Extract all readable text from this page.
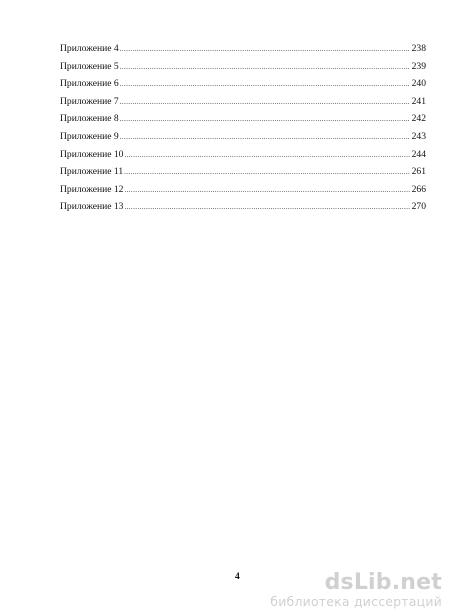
Приложение 4 .....	238
Приложение 5 .....	239
Приложение 6 .....	240
Приложение 7 .....	241
Приложение 8 .....	242
Приложение 9 .....	243
Приложение 10 .....	244
Приложение 11 .....	261
Приложение 12 .....	266
Приложение 13 .....	270
4	dsLib.net
библиотека диссертаций
